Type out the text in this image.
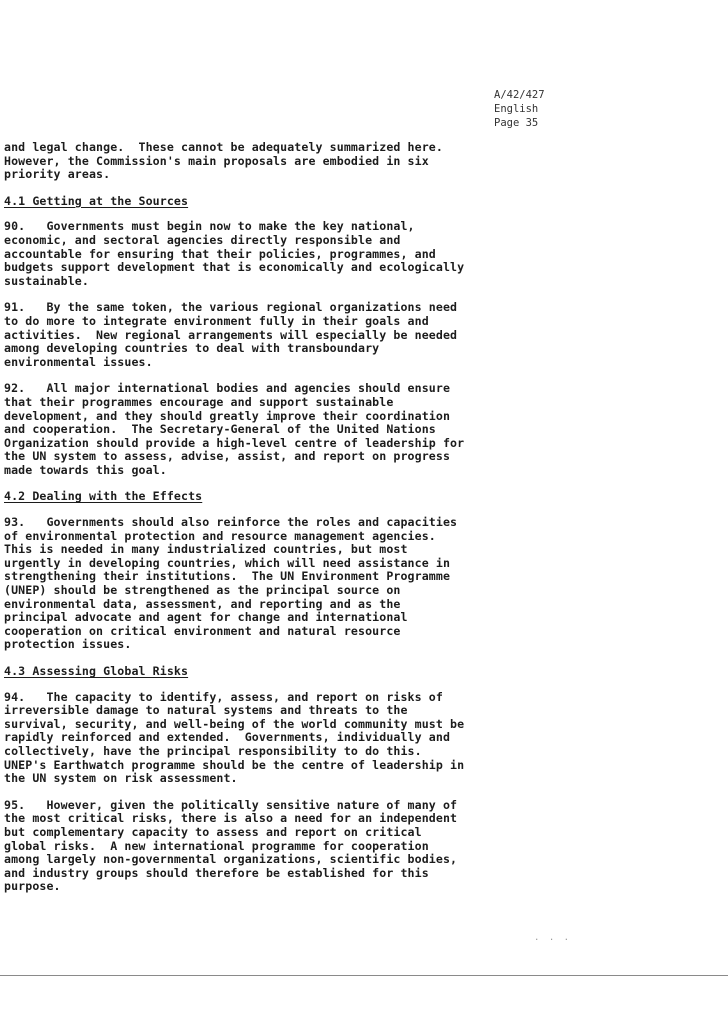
A/42/427
English
Page 35

and legal change.  These cannot be adequately summarized here.
However, the Commission's main proposals are embodied in six
priority areas.

4.1 Getting at the Sources

90.   Governments must begin now to make the key national,
economic, and sectoral agencies directly responsible and
accountable for ensuring that their policies, programmes, and
budgets support development that is economically and ecologically
sustainable.

91.   By the same token, the various regional organizations need
to do more to integrate environment fully in their goals and
activities.  New regional arrangements will especially be needed
among developing countries to deal with transboundary
environmental issues.

92.   All major international bodies and agencies should ensure
that their programmes encourage and support sustainable
development, and they should greatly improve their coordination
and cooperation.  The Secretary-General of the United Nations
Organization should provide a high-level centre of leadership for
the UN system to assess, advise, assist, and report on progress
made towards this goal.

4.2 Dealing with the Effects

93.   Governments should also reinforce the roles and capacities
of environmental protection and resource management agencies.
This is needed in many industrialized countries, but most
urgently in developing countries, which will need assistance in
strengthening their institutions.  The UN Environment Programme
(UNEP) should be strengthened as the principal source on
environmental data, assessment, and reporting and as the
principal advocate and agent for change and international
cooperation on critical environment and natural resource
protection issues.

4.3 Assessing Global Risks

94.   The capacity to identify, assess, and report on risks of
irreversible damage to natural systems and threats to the
survival, security, and well-being of the world community must be
rapidly reinforced and extended.  Governments, individually and
collectively, have the principal responsibility to do this.
UNEP's Earthwatch programme should be the centre of leadership in
the UN system on risk assessment.

95.   However, given the politically sensitive nature of many of
the most critical risks, there is also a need for an independent
but complementary capacity to assess and report on critical
global risks.  A new international programme for cooperation
among largely non-governmental organizations, scientific bodies,
and industry groups should therefore be established for this
purpose.

. . .
